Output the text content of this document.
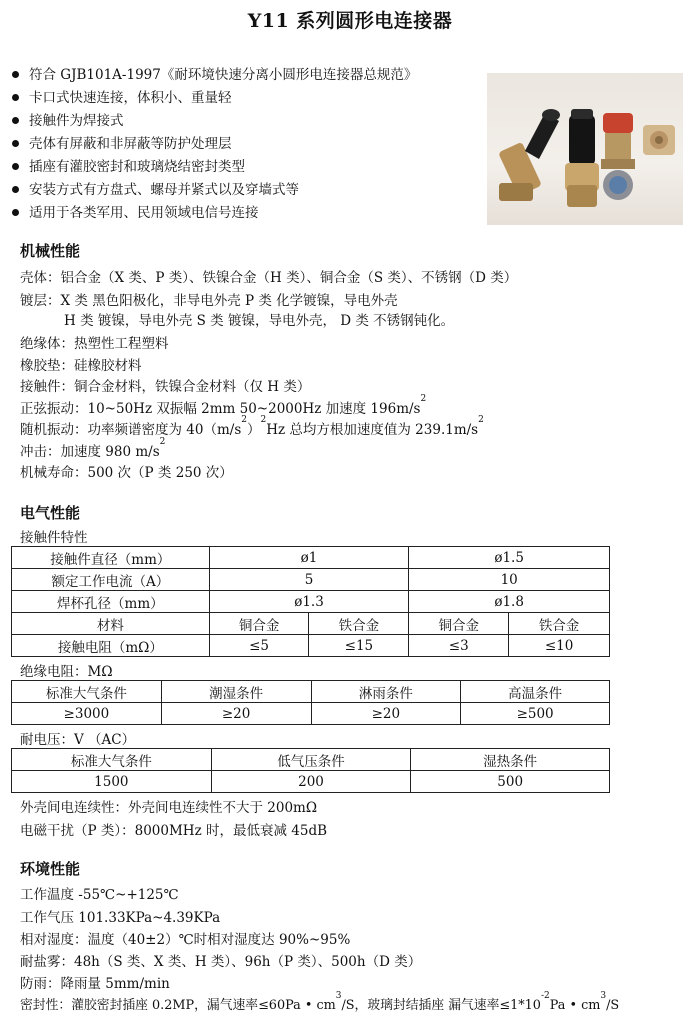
Y11 系列圆形电连接器
符合 GJB101A-1997《耐环境快速分离小圆形电连接器总规范》
卡口式快速连接，体积小、重量轻
接触件为焊接式
壳体有屏蔽和非屏蔽等防护处理层
插座有灌胶密封和玻璃烧结密封类型
安装方式有方盘式、螺母并紧式以及穿墙式等
适用于各类军用、民用领域电信号连接
机械性能
壳体：铝合金（X 类、P 类）、铁镍合金（H 类）、铜合金（S 类）、不锈钢（D 类）
镀层：X 类 黑色阳极化，非导电外壳 P 类 化学镀镍，导电外壳
H 类 镀镍，导电外壳 S 类 镀镍，导电外壳， D 类 不锈钢钝化。
绝缘体：热塑性工程塑料
橡胶垫：硅橡胶材料
接触件：铜合金材料，铁镍合金材料（仅 H 类）
正弦振动：10~50Hz 双振幅 2mm 50~2000Hz 加速度 $196m/s^2$
随机振动：功率频谱密度为 $40(m/s^2)^2Hz$ 总均方根加速度值为 $239.1m/s^2$
冲击：加速度 980 $m/s^2$
机械寿命：500 次（P 类 250 次）
电气性能
接触件特性
接触件直径（mm）	ø1		ø1.5	
额定工作电流（A）	5		10	
焊杯孔径（mm）	ø1.3		ø1.8	
材料	铜合金	铁合金	铜合金	铁合金
接触电阻（mΩ）	≤5	≤15	≤3	≤10
绝缘电阻：MΩ
标准大气条件	潮湿条件	淋雨条件	高温条件
≥3000	≥20	≥20	≥500
耐电压：V （AC）
标准大气条件	低气压条件	湿热条件
1500	200	500
外壳间电连续性：外壳间电连续性不大于 200mΩ
电磁干扰（P 类）：8000MHz 时，最低衰减 45dB
环境性能
工作温度 -55℃~+125℃
工作气压 101.33KPa~4.39KPa
相对湿度：温度（40±2）℃时相对湿度达 90%~95%
耐盐雾：48h（S 类、X 类、H 类）、96h（P 类）、500h（D 类）
防雨：降雨量 5mm/min
密封性：灌胶密封插座 0.2MP，漏气速率≤60Pa • $cm^3/S$，玻璃封结插座 漏气速率$\le 1*10^{-2}Pa$ • $cm^3/S$
